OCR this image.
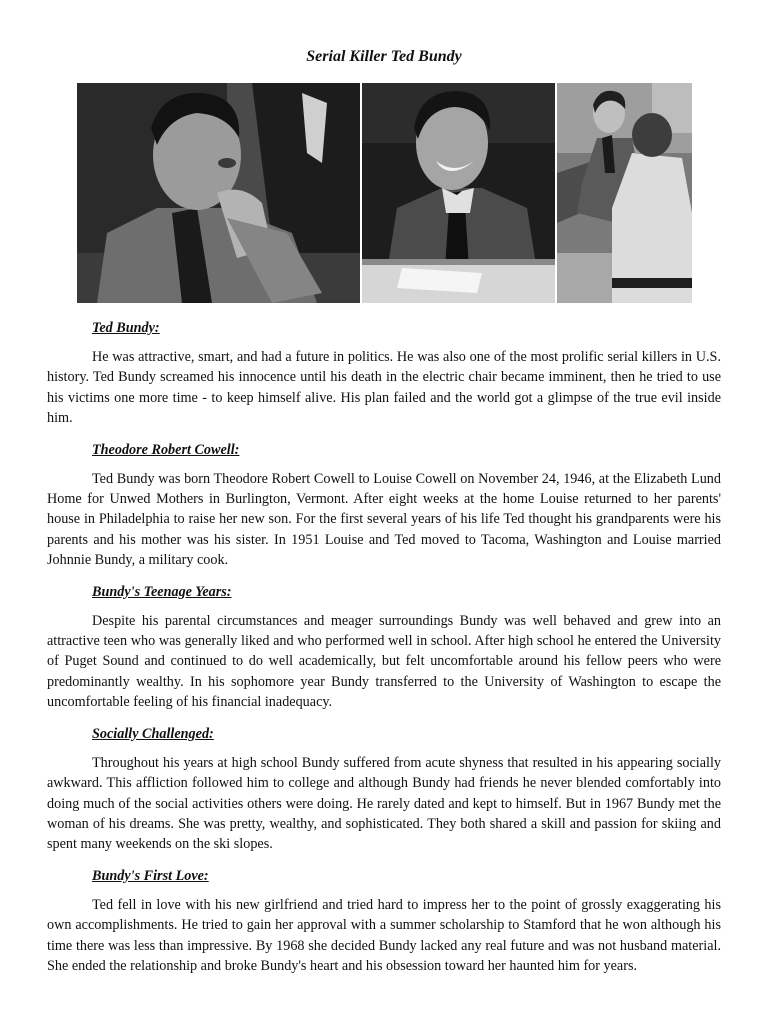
Serial Killer Ted Bundy
Ted Bundy:

He was attractive, smart, and had a future in politics. He was also one of the most prolific serial killers in U.S. history. Ted Bundy screamed his innocence until his death in the electric chair became imminent, then he tried to use his victims one more time - to keep himself alive. His plan failed and the world got a glimpse of the true evil inside him.

Theodore Robert Cowell:

Ted Bundy was born Theodore Robert Cowell to Louise Cowell on November 24, 1946, at the Elizabeth Lund Home for Unwed Mothers in Burlington, Vermont. After eight weeks at the home Louise returned to her parents' house in Philadelphia to raise her new son. For the first several years of his life Ted thought his grandparents were his parents and his mother was his sister. In 1951 Louise and Ted moved to Tacoma, Washington and Louise married Johnnie Bundy, a military cook.

Bundy's Teenage Years:

Despite his parental circumstances and meager surroundings Bundy was well behaved and grew into an attractive teen who was generally liked and who performed well in school. After high school he entered the University of Puget Sound and continued to do well academically, but felt uncomfortable around his fellow peers who were predominantly wealthy. In his sophomore year Bundy transferred to the University of Washington to escape the uncomfortable feeling of his financial inadequacy.

Socially Challenged:

Throughout his years at high school Bundy suffered from acute shyness that resulted in his appearing socially awkward. This affliction followed him to college and although Bundy had friends he never blended comfortably into doing much of the social activities others were doing. He rarely dated and kept to himself. But in 1967 Bundy met the woman of his dreams. She was pretty, wealthy, and sophisticated. They both shared a skill and passion for skiing and spent many weekends on the ski slopes.

Bundy's First Love:

Ted fell in love with his new girlfriend and tried hard to impress her to the point of grossly exaggerating his own accomplishments. He tried to gain her approval with a summer scholarship to Stamford that he won although his time there was less than impressive. By 1968 she decided Bundy lacked any real future and was not husband material. She ended the relationship and broke Bundy's heart and his obsession toward her haunted him for years.
